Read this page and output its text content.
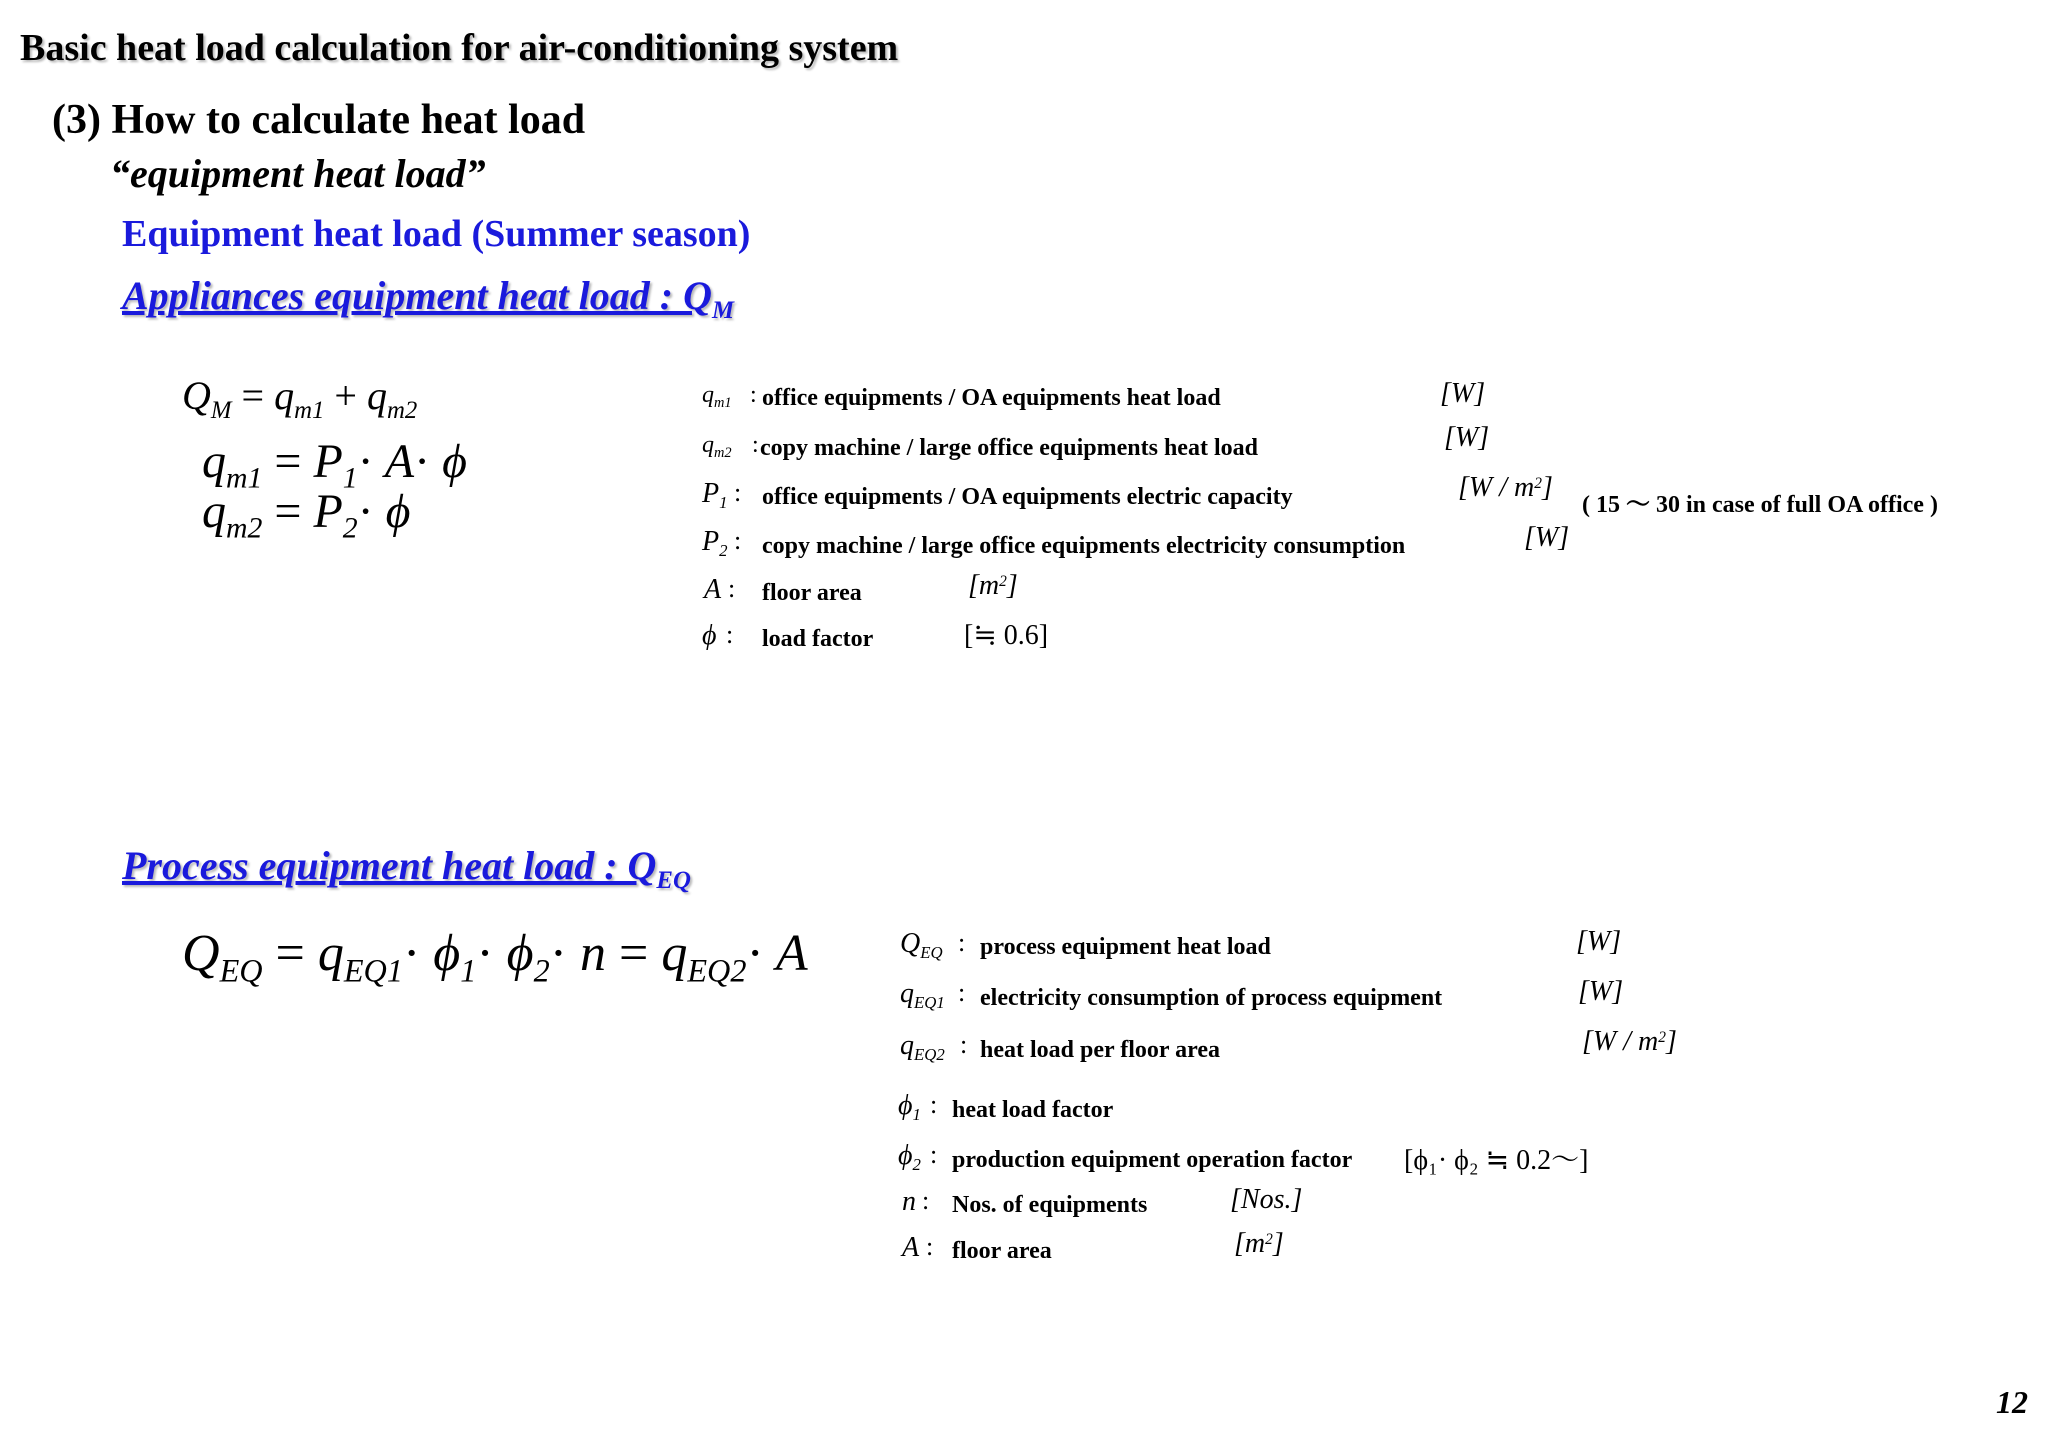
Basic heat load calculation for air-conditioning system
(3) How to calculate heat load
“equipment heat load”
Equipment heat load (Summer season)
Appliances equipment heat load : $Q_M$
$Q_M = q_{m1} + q_{m2}$
$q_{m1} = P_1\cdot A\cdot \phi$
$q_{m2} = P_2\cdot \phi$
$q_{m1}$ : office equipments / OA equipments heat load	[W]
$q_{m2}$ : copy machine / large office equipments heat load	[W]
$P_1$ : office equipments / OA equipments electric capacity	$[W / m^2]$
( 15 ～ 30 in case of full OA office )
$P_2$ : copy machine / large office equipments electricity consumption	[W]
A : floor area	$[m^2]$
ϕ : load factor	[≒ 0.6]
Process equipment heat load : $Q_{EQ}$
$Q_{EQ} = q_{EQ1}\cdot \phi_1\cdot \phi_2\cdot n = q_{EQ2}\cdot A$	$Q_{EQ}$ : process equipment heat load	[W]
$q_{EQ1}$ : electricity consumption of process equipment	[W]
$q_{EQ2}$ : heat load per floor area	$[W / m^2]$
$\phi_1$ : heat load factor
$\phi_2$ : production equipment operation factor [ϕ₁· ϕ₂ ≒ 0.2～]
n : Nos. of equipments	[Nos.]
A : floor area	$[m^2]$
12
